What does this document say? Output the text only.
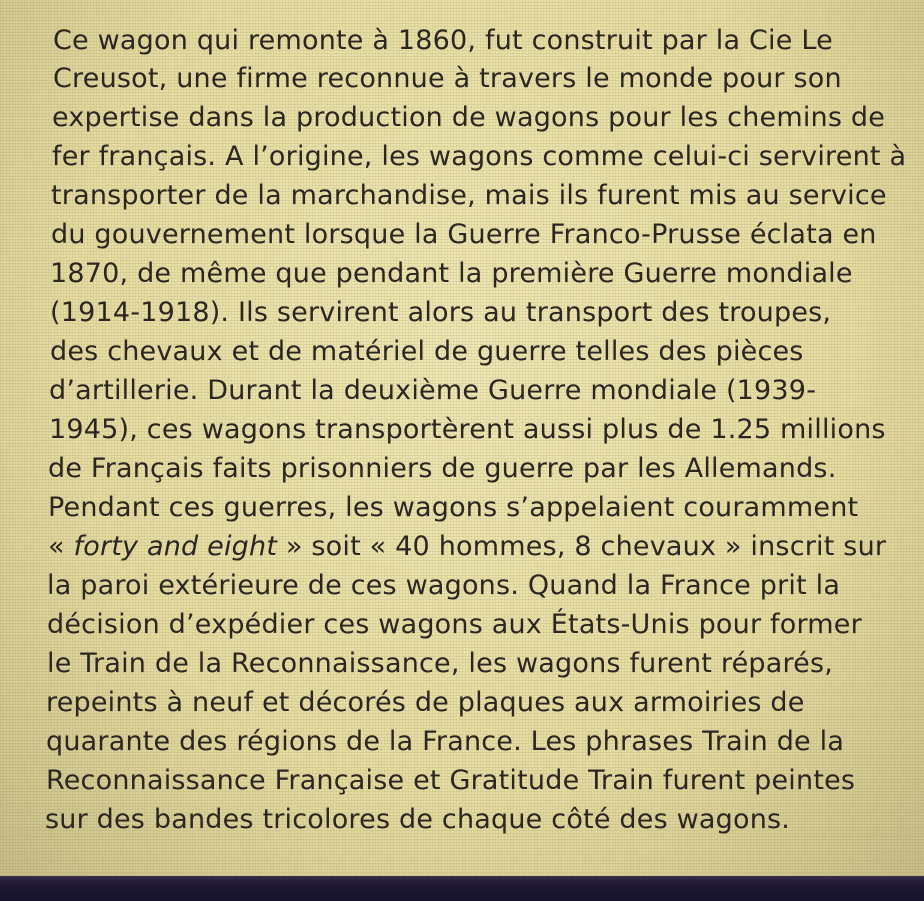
Ce wagon qui remonte à 1860, fut construit par la Cie Le
Creusot, une firme reconnue à travers le monde pour son
expertise dans la production de wagons pour les chemins de
fer français. A l’origine, les wagons comme celui-ci servirent à
transporter de la marchandise, mais ils furent mis au service
du gouvernement lorsque la Guerre Franco-Prusse éclata en
1870, de même que pendant la première Guerre mondiale
(1914-1918). Ils servirent alors au transport des troupes,
des chevaux et de matériel de guerre telles des pièces
d’artillerie. Durant la deuxième Guerre mondiale (1939-
1945), ces wagons transportèrent aussi plus de 1.25 millions
de Français faits prisonniers de guerre par les Allemands.
Pendant ces guerres, les wagons s’appelaient couramment
« forty and eight » soit « 40 hommes, 8 chevaux » inscrit sur
la paroi extérieure de ces wagons. Quand la France prit la
décision d’expédier ces wagons aux États-Unis pour former
le Train de la Reconnaissance, les wagons furent réparés,
repeints à neuf et décorés de plaques aux armoiries de
quarante des régions de la France. Les phrases Train de la
Reconnaissance Française et Gratitude Train furent peintes
sur des bandes tricolores de chaque côté des wagons.
